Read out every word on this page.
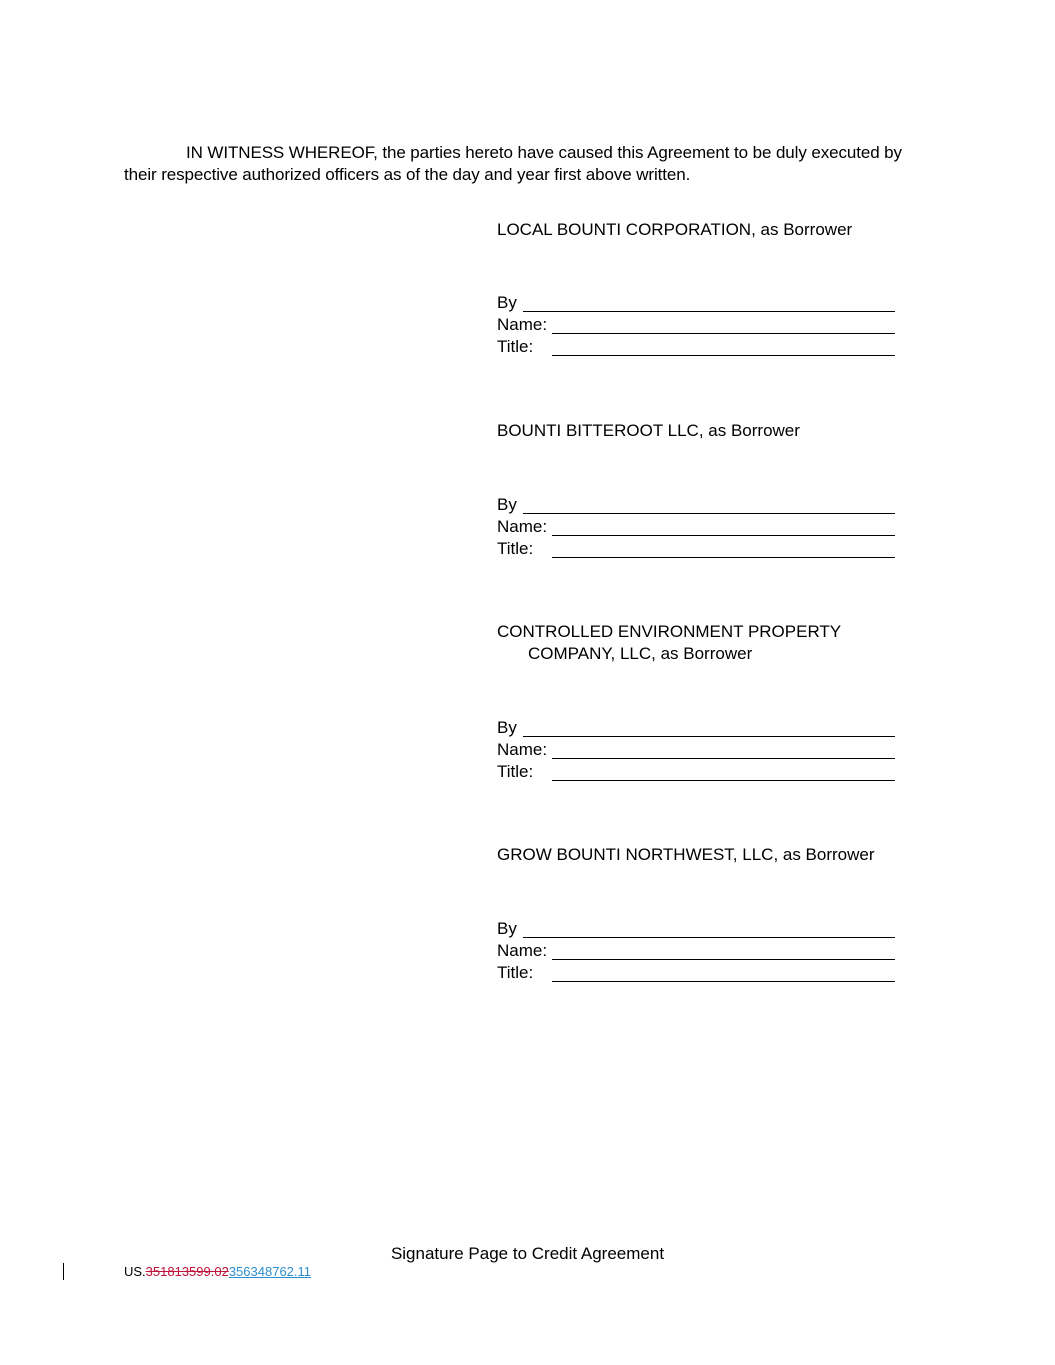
IN WITNESS WHEREOF, the parties hereto have caused this Agreement to be duly executed by their respective authorized officers as of the day and year first above written.
LOCAL BOUNTI CORPORATION, as Borrower
By
Name:
Title:
BOUNTI BITTEROOT LLC, as Borrower
By
Name:
Title:
CONTROLLED ENVIRONMENT PROPERTY
COMPANY, LLC, as Borrower
By
Name:
Title:
GROW BOUNTI NORTHWEST, LLC, as Borrower
By
Name:
Title:
Signature Page to Credit Agreement
US.351813599.02356348762.11
